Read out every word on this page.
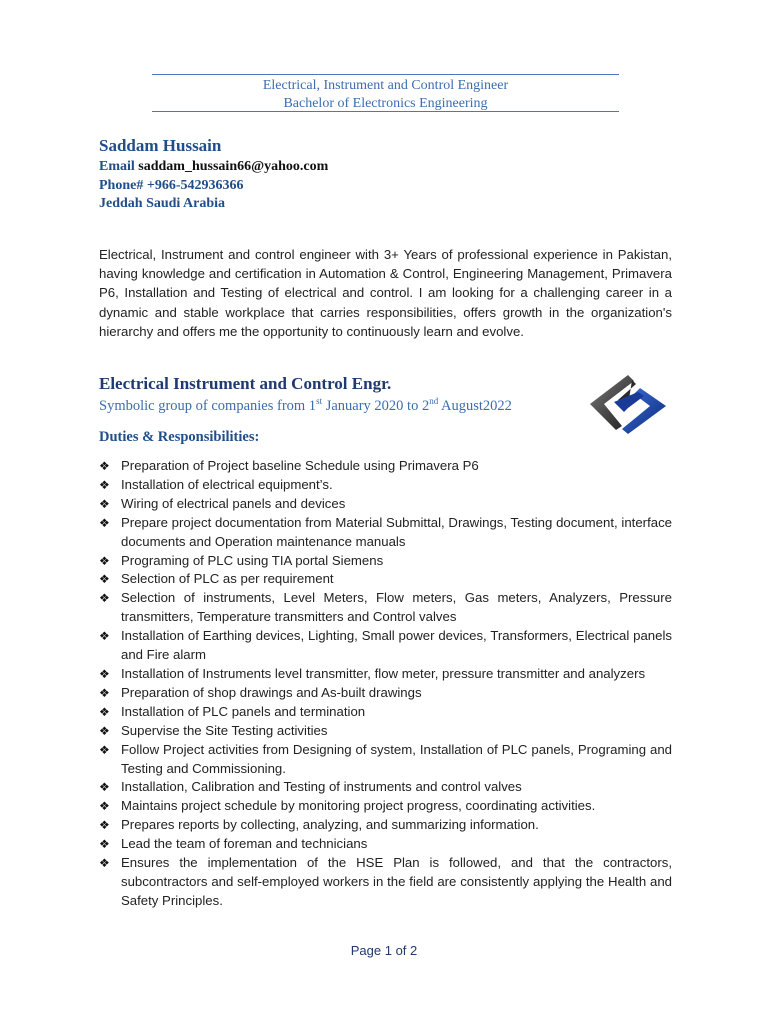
Electrical, Instrument and Control Engineer
Bachelor of Electronics Engineering
Saddam Hussain
Email saddam_hussain66@yahoo.com
Phone# +966-542936366
Jeddah Saudi Arabia
Electrical, Instrument and control engineer with 3+ Years of professional experience in Pakistan, having knowledge and certification in Automation & Control, Engineering Management, Primavera P6, Installation and Testing of electrical and control. I am looking for a challenging career in a dynamic and stable workplace that carries responsibilities, offers growth in the organization's hierarchy and offers me the opportunity to continuously learn and evolve.
Electrical Instrument and Control Engr.
Symbolic group of companies from 1st January 2020 to 2nd August2022
Duties & Responsibilities:
❖ Preparation of Project baseline Schedule using Primavera P6
❖ Installation of electrical equipment’s.
❖ Wiring of electrical panels and devices
❖ Prepare project documentation from Material Submittal, Drawings, Testing document, interface documents and Operation maintenance manuals
❖ Programing of PLC using TIA portal Siemens
❖ Selection of PLC as per requirement
❖ Selection of instruments, Level Meters, Flow meters, Gas meters, Analyzers, Pressure transmitters, Temperature transmitters and Control valves
❖ Installation of Earthing devices, Lighting, Small power devices, Transformers, Electrical panels and Fire alarm
❖ Installation of Instruments level transmitter, flow meter, pressure transmitter and analyzers
❖ Preparation of shop drawings and As-built drawings
❖ Installation of PLC panels and termination
❖ Supervise the Site Testing activities
❖ Follow Project activities from Designing of system, Installation of PLC panels, Programing and Testing and Commissioning.
❖ Installation, Calibration and Testing of instruments and control valves
❖ Maintains project schedule by monitoring project progress, coordinating activities.
❖ Prepares reports by collecting, analyzing, and summarizing information.
❖ Lead the team of foreman and technicians
❖ Ensures the implementation of the HSE Plan is followed, and that the contractors, subcontractors and self-employed workers in the field are consistently applying the Health and Safety Principles.
Page 1 of 2
